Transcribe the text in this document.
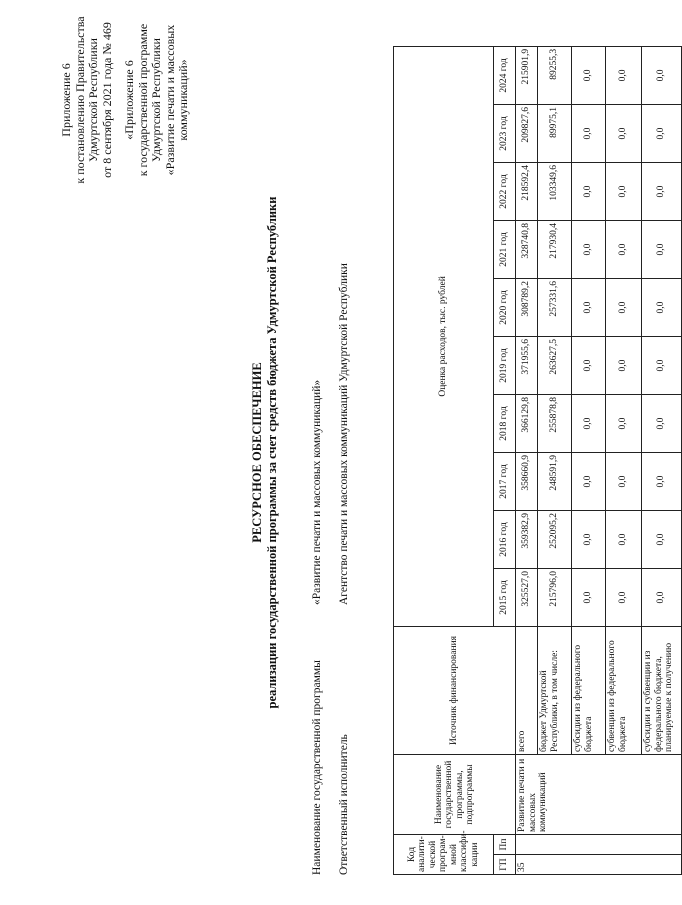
Приложение 6 к постановлению Правительства Удмуртской Республики от 8 сентября 2021 года № 469 «Приложение 6 к государственной программе Удмуртской Республики «Развитие печати и массовых коммуникаций»
РЕСУРСНОЕ ОБЕСПЕЧЕНИЕ реализации государственной программы за счет средств бюджета Удмуртской Республики
Наименование государственной программы
«Развитие печати и массовых коммуникаций»
Ответственный исполнитель
Агентство печати и массовых коммуникаций Удмуртской Республики
Код аналити-ческой програм-мной классифи-кации		Наименование государственной программы, подпрограммы	Источник финансирования	Оценка расходов, тыс. рублей									
ГП	Пп			2015 год	2016 год	2017 год	2018 год	2019 год	2020 год	2021 год	2022 год	2023 год	2024 год

35		Развитие печати и массовых коммуникаций	всего	325527,0	359382,9	358660,9	366129,8	371955,6	308789,2	328740,8	218592,4	209827,6	215901,9
			бюджет Удмуртской Республики, в том числе:	215796,0	252095,2	248591,9	255878,8	263627,5	257331,6	217930,4	103349,6	89975,1	89255,3
			субсидии из федерального бюджета	0,0	0,0	0,0	0,0	0,0	0,0	0,0	0,0	0,0	0,0
			субвенции из федерального бюджета	0,0	0,0	0,0	0,0	0,0	0,0	0,0	0,0	0,0	0,0
			субсидии и субвенции из федерального бюджета, планируемые к получению	0,0	0,0	0,0	0,0	0,0	0,0	0,0	0,0	0,0	0,0
